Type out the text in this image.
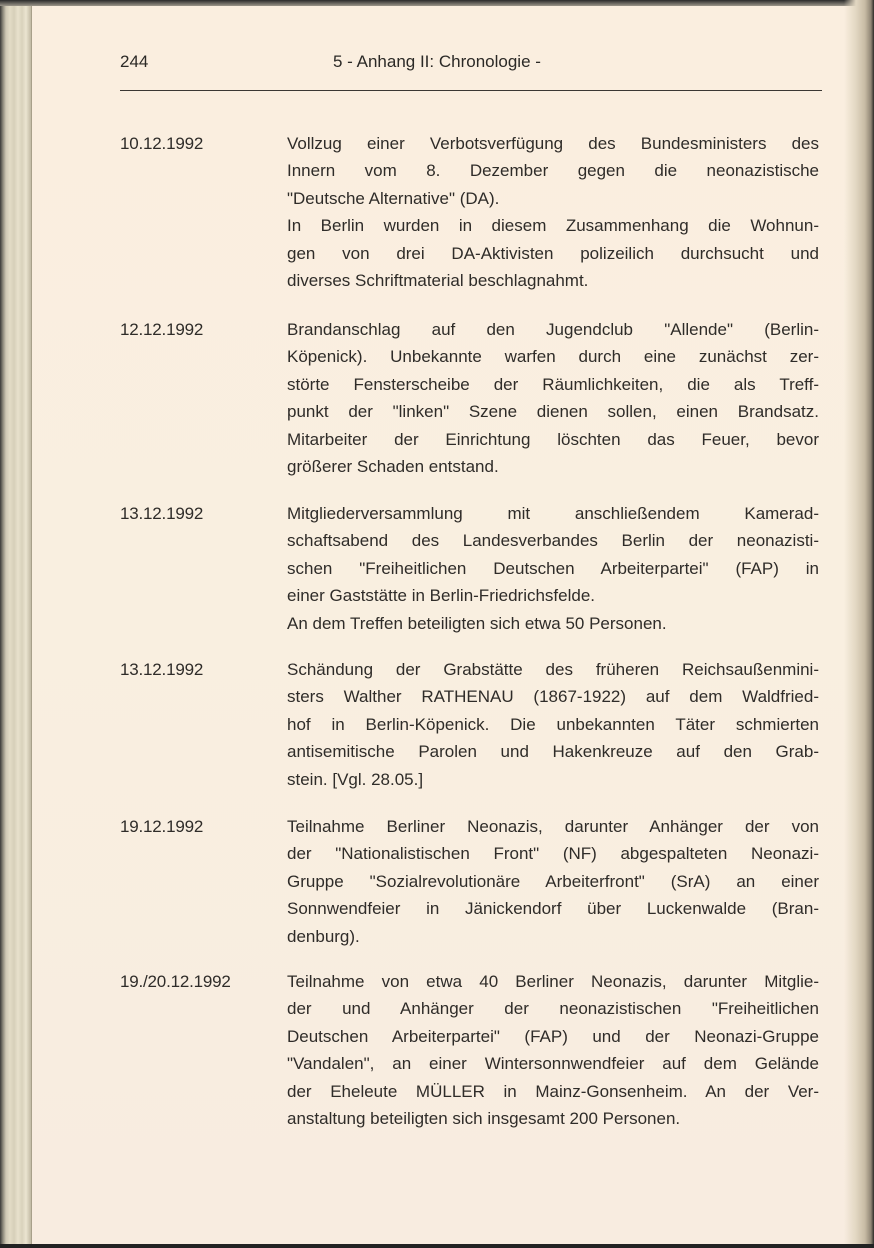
244	5 - Anhang II: Chronologie -
10.12.1992	Vollzug einer Verbotsverfügung des Bundesministers des
Innern vom 8. Dezember gegen die neonazistische
"Deutsche Alternative" (DA).
In Berlin wurden in diesem Zusammenhang die Wohnun-
gen von drei DA-Aktivisten polizeilich durchsucht und
diverses Schriftmaterial beschlagnahmt.
12.12.1992	Brandanschlag auf den Jugendclub "Allende" (Berlin-
Köpenick). Unbekannte warfen durch eine zunächst zer-
störte Fensterscheibe der Räumlichkeiten, die als Treff-
punkt der "linken" Szene dienen sollen, einen Brandsatz.
Mitarbeiter der Einrichtung löschten das Feuer, bevor
größerer Schaden entstand.
13.12.1992	Mitgliederversammlung mit anschließendem Kamerad-
schaftsabend des Landesverbandes Berlin der neonazisti-
schen "Freiheitlichen Deutschen Arbeiterpartei" (FAP) in
einer Gaststätte in Berlin-Friedrichsfelde.
An dem Treffen beteiligten sich etwa 50 Personen.
13.12.1992	Schändung der Grabstätte des früheren Reichsaußenmini-
sters Walther RATHENAU (1867-1922) auf dem Waldfried-
hof in Berlin-Köpenick. Die unbekannten Täter schmierten
antisemitische Parolen und Hakenkreuze auf den Grab-
stein. [Vgl. 28.05.]
19.12.1992	Teilnahme Berliner Neonazis, darunter Anhänger der von
der "Nationalistischen Front" (NF) abgespalteten Neonazi-
Gruppe "Sozialrevolutionäre Arbeiterfront" (SrA) an einer
Sonnwendfeier in Jänickendorf über Luckenwalde (Bran-
denburg).
19./20.12.1992	Teilnahme von etwa 40 Berliner Neonazis, darunter Mitglie-
der und Anhänger der neonazistischen "Freiheitlichen
Deutschen Arbeiterpartei" (FAP) und der Neonazi-Gruppe
"Vandalen", an einer Wintersonnwendfeier auf dem Gelände
der Eheleute MÜLLER in Mainz-Gonsenheim. An der Ver-
anstaltung beteiligten sich insgesamt 200 Personen.
